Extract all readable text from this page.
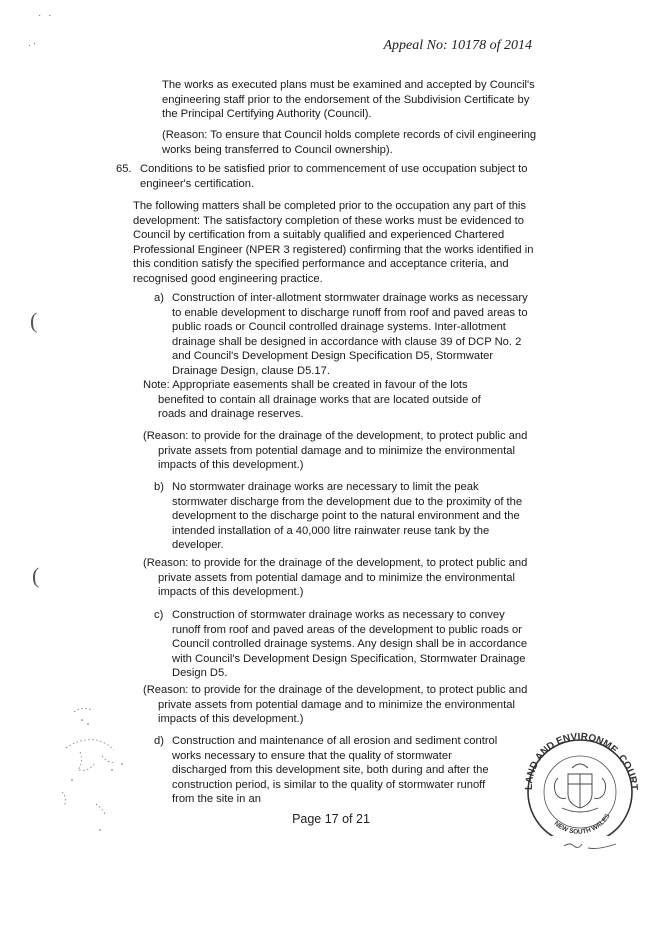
· ·
.·	Appeal No: 10178 of 2014

The works as executed plans must be examined and accepted by Council's engineering staff prior to the endorsement of the Subdivision Certificate by the Principal Certifying Authority (Council).

(Reason: To ensure that Council holds complete records of civil engineering works being transferred to Council ownership).

65. Conditions to be satisfied prior to commencement of use occupation subject to engineer's certification.

The following matters shall be completed prior to the occupation any part of this development: The satisfactory completion of these works must be evidenced to Council by certification from a suitably qualified and experienced Chartered Professional Engineer (NPER 3 registered) confirming that the works identified in this condition satisfy the specified performance and acceptance criteria, and recognised good engineering practice.

a) Construction of inter-allotment stormwater drainage works as necessary to enable development to discharge runoff from roof and paved areas to public roads or Council controlled drainage systems. Inter-allotment drainage shall be designed in accordance with clause 39 of DCP No. 2 and Council's Development Design Specification D5, Stormwater Drainage Design, clause D5.17.

Note: Appropriate easements shall be created in favour of the lots benefited to contain all drainage works that are located outside of roads and drainage reserves.

(Reason: to provide for the drainage of the development, to protect public and private assets from potential damage and to minimize the environmental impacts of this development.)

b) No stormwater drainage works are necessary to limit the peak stormwater discharge from the development due to the proximity of the development to the discharge point to the natural environment and the intended installation of a 40,000 litre rainwater reuse tank by the developer.

(Reason: to provide for the drainage of the development, to protect public and private assets from potential damage and to minimize the environmental impacts of this development.)

c) Construction of stormwater drainage works as necessary to convey runoff from roof and paved areas of the development to public roads or Council controlled drainage systems. Any design shall be in accordance with Council's Development Design Specification, Stormwater Drainage Design D5.

(Reason: to provide for the drainage of the development, to protect public and private assets from potential damage and to minimize the environmental impacts of this development.)

d) Construction and maintenance of all erosion and sediment control works necessary to ensure that the quality of stormwater discharged from this development site, both during and after the construction period, is similar to the quality of stormwater runoff from the site in an

(
(
Page 17 of 21
LAND AND ENVIRONME
COURT
NEW SOUTH WALES
